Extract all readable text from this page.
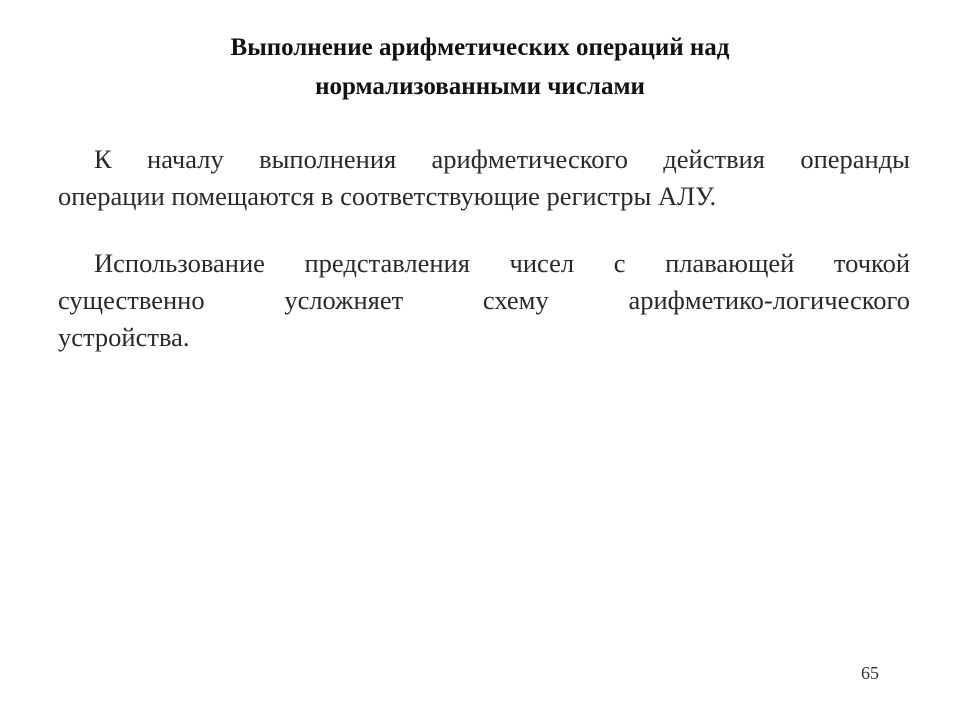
Выполнение арифметических операций над
нормализованными числами

К началу выполнения арифметического действия операнды
операции помещаются в соответствующие регистры АЛУ.

Использование представления чисел с плавающей точкой
существенно усложняет схему арифметико-логического
устройства.

65
